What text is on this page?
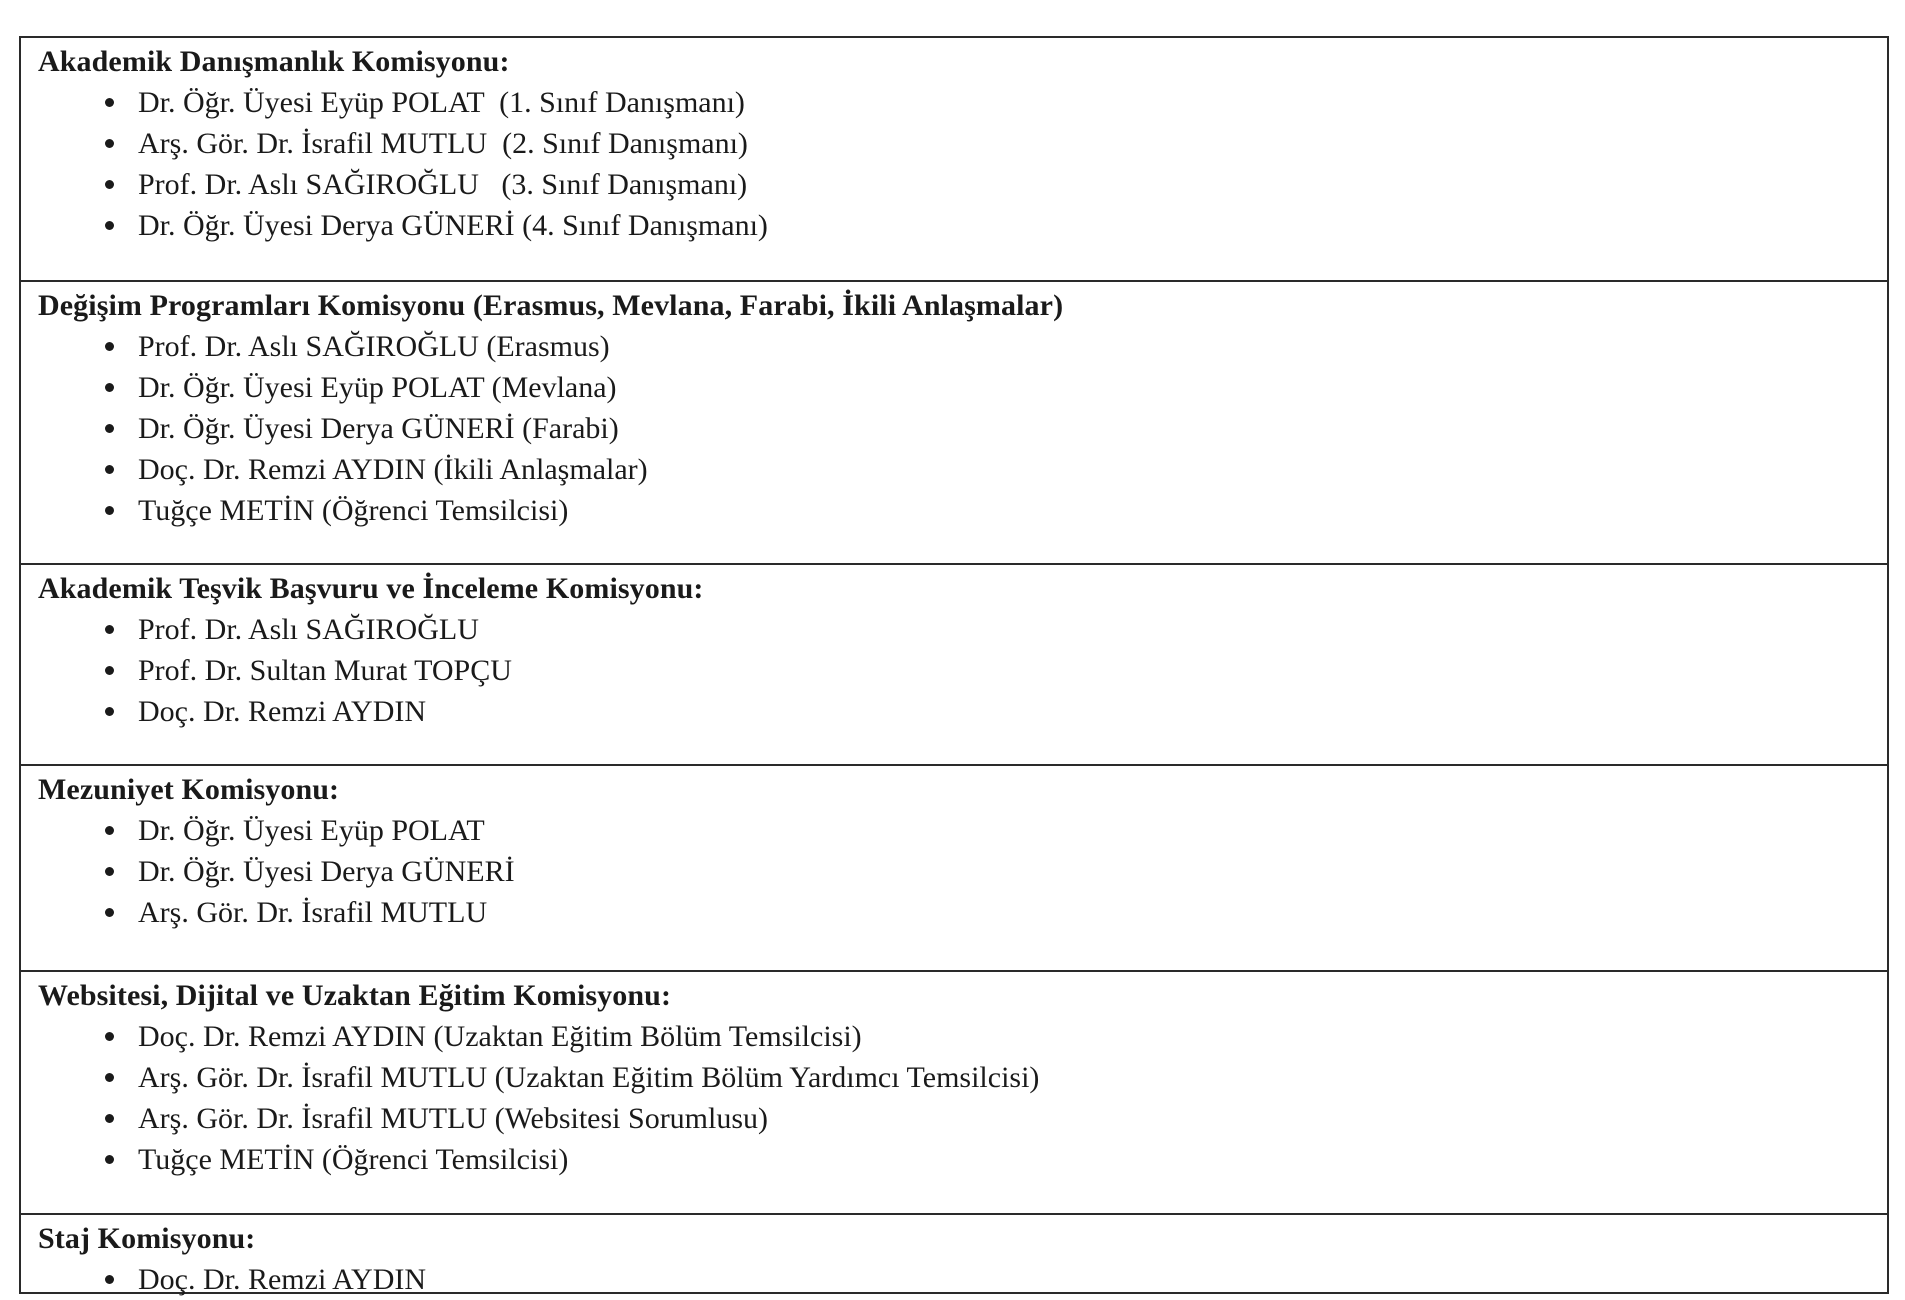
Akademik Danışmanlık Komisyonu:

Dr. Öğr. Üyesi Eyüp POLAT  (1. Sınıf Danışmanı)
Arş. Gör. Dr. İsrafil MUTLU  (2. Sınıf Danışmanı)
Prof. Dr. Aslı SAĞIROĞLU   (3. Sınıf Danışmanı)
Dr. Öğr. Üyesi Derya GÜNERİ (4. Sınıf Danışmanı)

Değişim Programları Komisyonu (Erasmus, Mevlana, Farabi, İkili Anlaşmalar)

Prof. Dr. Aslı SAĞIROĞLU (Erasmus)
Dr. Öğr. Üyesi Eyüp POLAT (Mevlana)
Dr. Öğr. Üyesi Derya GÜNERİ (Farabi)
Doç. Dr. Remzi AYDIN (İkili Anlaşmalar)
Tuğçe METİN (Öğrenci Temsilcisi)

Akademik Teşvik Başvuru ve İnceleme Komisyonu:

Prof. Dr. Aslı SAĞIROĞLU
Prof. Dr. Sultan Murat TOPÇU
Doç. Dr. Remzi AYDIN

Mezuniyet Komisyonu:

Dr. Öğr. Üyesi Eyüp POLAT
Dr. Öğr. Üyesi Derya GÜNERİ
Arş. Gör. Dr. İsrafil MUTLU

Websitesi, Dijital ve Uzaktan Eğitim Komisyonu:

Doç. Dr. Remzi AYDIN (Uzaktan Eğitim Bölüm Temsilcisi)
Arş. Gör. Dr. İsrafil MUTLU (Uzaktan Eğitim Bölüm Yardımcı Temsilcisi)
Arş. Gör. Dr. İsrafil MUTLU (Websitesi Sorumlusu)
Tuğçe METİN (Öğrenci Temsilcisi)

Staj Komisyonu:

Doç. Dr. Remzi AYDIN
